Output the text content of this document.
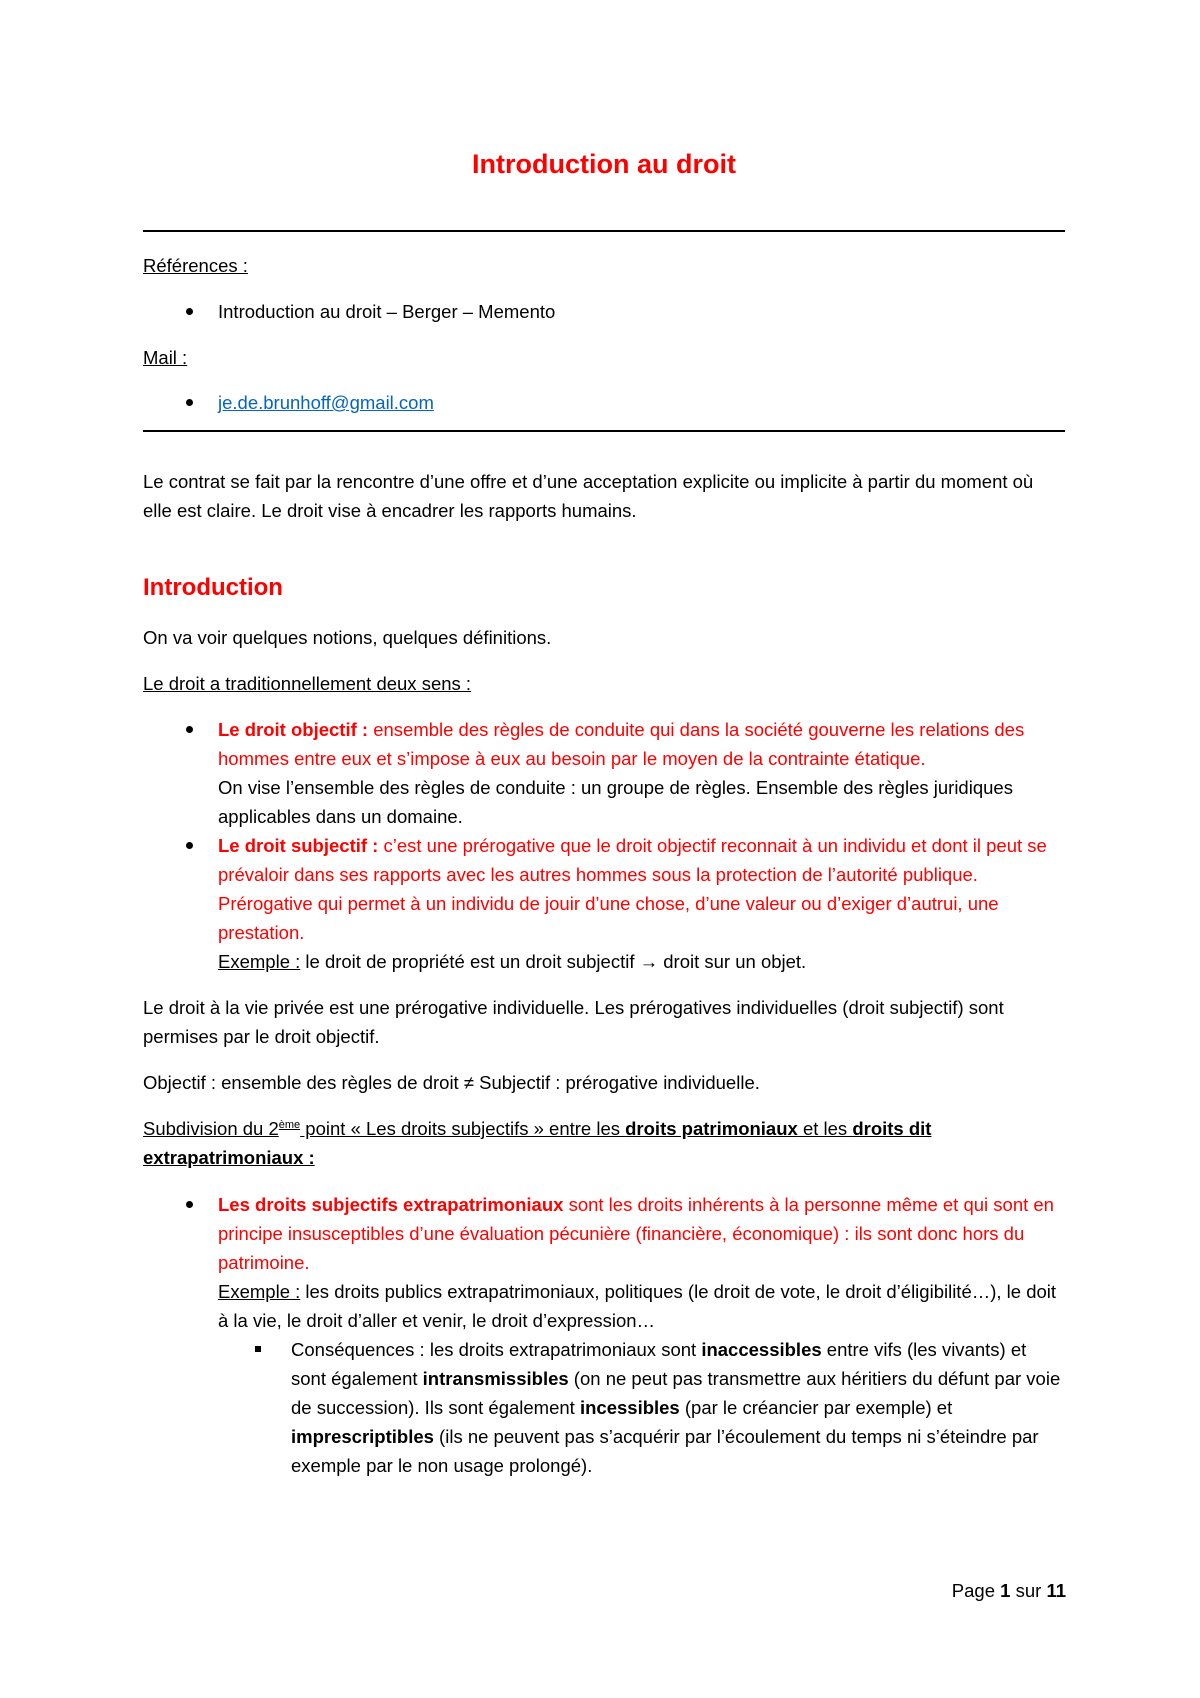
Introduction au droit

Références :

Introduction au droit – Berger – Memento

Mail :

je.de.brunhoff@gmail.com

Le contrat se fait par la rencontre d’une offre et d’une acceptation explicite ou implicite à partir du moment où elle est claire. Le droit vise à encadrer les rapports humains.

Introduction

On va voir quelques notions, quelques définitions.

Le droit a traditionnellement deux sens :

Le droit objectif : ensemble des règles de conduite qui dans la société gouverne les relations des hommes entre eux et s’impose à eux au besoin par le moyen de la contrainte étatique.
On vise l’ensemble des règles de conduite : un groupe de règles. Ensemble des règles juridiques applicables dans un domaine.
Le droit subjectif : c’est une prérogative que le droit objectif reconnait à un individu et dont il peut se prévaloir dans ses rapports avec les autres hommes sous la protection de l’autorité publique. Prérogative qui permet à un individu de jouir d’une chose, d’une valeur ou d’exiger d’autrui, une prestation.
Exemple : le droit de propriété est un droit subjectif → droit sur un objet.

Le droit à la vie privée est une prérogative individuelle. Les prérogatives individuelles (droit subjectif) sont permises par le droit objectif.

Objectif : ensemble des règles de droit ≠ Subjectif : prérogative individuelle.

Subdivision du 2ème point « Les droits subjectifs » entre les droits patrimoniaux et les droits dit extrapatrimoniaux :

Les droits subjectifs extrapatrimoniaux sont les droits inhérents à la personne même et qui sont en principe insusceptibles d’une évaluation pécunière (financière, économique) : ils sont donc hors du patrimoine.
Exemple : les droits publics extrapatrimoniaux, politiques (le droit de vote, le droit d’éligibilité…), le doit à la vie, le droit d’aller et venir, le droit d’expression…
Conséquences : les droits extrapatrimoniaux sont inaccessibles entre vifs (les vivants) et sont également intransmissibles (on ne peut pas transmettre aux héritiers du défunt par voie de succession). Ils sont également incessibles (par le créancier par exemple) et imprescriptibles (ils ne peuvent pas s’acquérir par l’écoulement du temps ni s’éteindre par exemple par le non usage prolongé).
Page 1 sur 11
